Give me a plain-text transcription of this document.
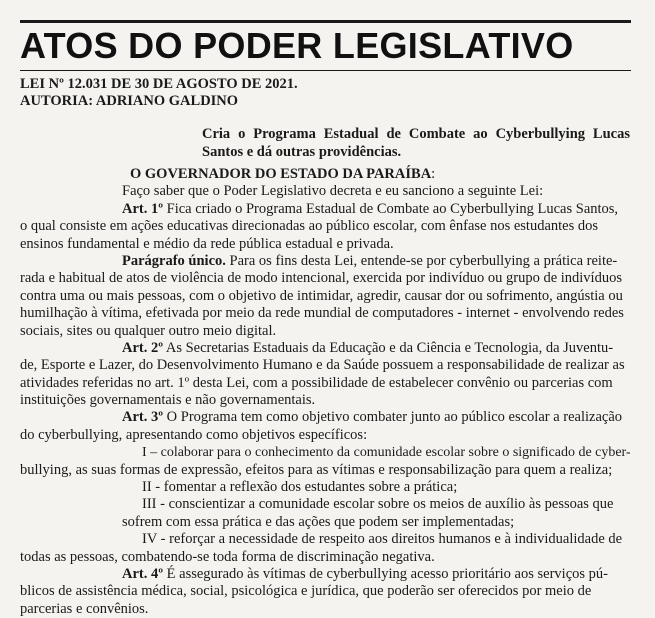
ATOS DO PODER LEGISLATIVO
LEI Nº 12.031 DE 30 DE AGOSTO DE 2021.
AUTORIA: ADRIANO GALDINO
Cria o Programa Estadual de Combate ao Cyberbullying Lucas Santos e dá outras providências.
O GOVERNADOR DO ESTADO DA PARAÍBA:
Faço saber que o Poder Legislativo decreta e eu sanciono a seguinte Lei:
Art. 1º Fica criado o Programa Estadual de Combate ao Cyberbullying Lucas Santos,
o qual consiste em ações educativas direcionadas ao público escolar, com ênfase nos estudantes dos
ensinos fundamental e médio da rede pública estadual e privada.
Parágrafo único. Para os fins desta Lei, entende-se por cyberbullying a prática reite-
rada e habitual de atos de violência de modo intencional, exercida por indivíduo ou grupo de indivíduos
contra uma ou mais pessoas, com o objetivo de intimidar, agredir, causar dor ou sofrimento, angústia ou
humilhação à vítima, efetivada por meio da rede mundial de computadores - internet - envolvendo redes
sociais, sites ou qualquer outro meio digital.
Art. 2º As Secretarias Estaduais da Educação e da Ciência e Tecnologia, da Juventu-
de, Esporte e Lazer, do Desenvolvimento Humano e da Saúde possuem a responsabilidade de realizar as
atividades referidas no art. 1º desta Lei, com a possibilidade de estabelecer convênio ou parcerias com
instituições governamentais e não governamentais.
Art. 3º O Programa tem como objetivo combater junto ao público escolar a realização
do cyberbullying, apresentando como objetivos específicos:
I – colaborar para o conhecimento da comunidade escolar sobre o significado de cyber-
bullying, as suas formas de expressão, efeitos para as vítimas e responsabilização para quem a realiza;
II - fomentar a reflexão dos estudantes sobre a prática;
III - conscientizar a comunidade escolar sobre os meios de auxílio às pessoas que
sofrem com essa prática e das ações que podem ser implementadas;
IV - reforçar a necessidade de respeito aos direitos humanos e à individualidade de
todas as pessoas, combatendo-se toda forma de discriminação negativa.
Art. 4º É assegurado às vítimas de cyberbullying acesso prioritário aos serviços pú-
blicos de assistência médica, social, psicológica e jurídica, que poderão ser oferecidos por meio de
parcerias e convênios.
